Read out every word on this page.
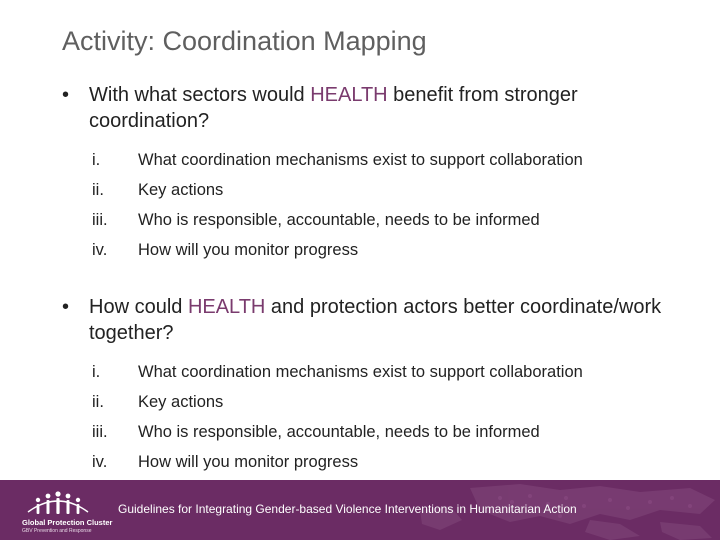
Activity: Coordination Mapping
• With what sectors would HEALTH benefit from stronger coordination?
i. What coordination mechanisms exist to support collaboration
ii. Key actions
iii. Who is responsible, accountable, needs to be informed
iv. How will you monitor progress
• How could HEALTH and protection actors better coordinate/work together?
i. What coordination mechanisms exist to support collaboration
ii. Key actions
iii. Who is responsible, accountable, needs to be informed
iv. How will you monitor progress
Global Protection Cluster
GBV Prevention and Response
Guidelines for Integrating Gender-based Violence Interventions in Humanitarian Action
